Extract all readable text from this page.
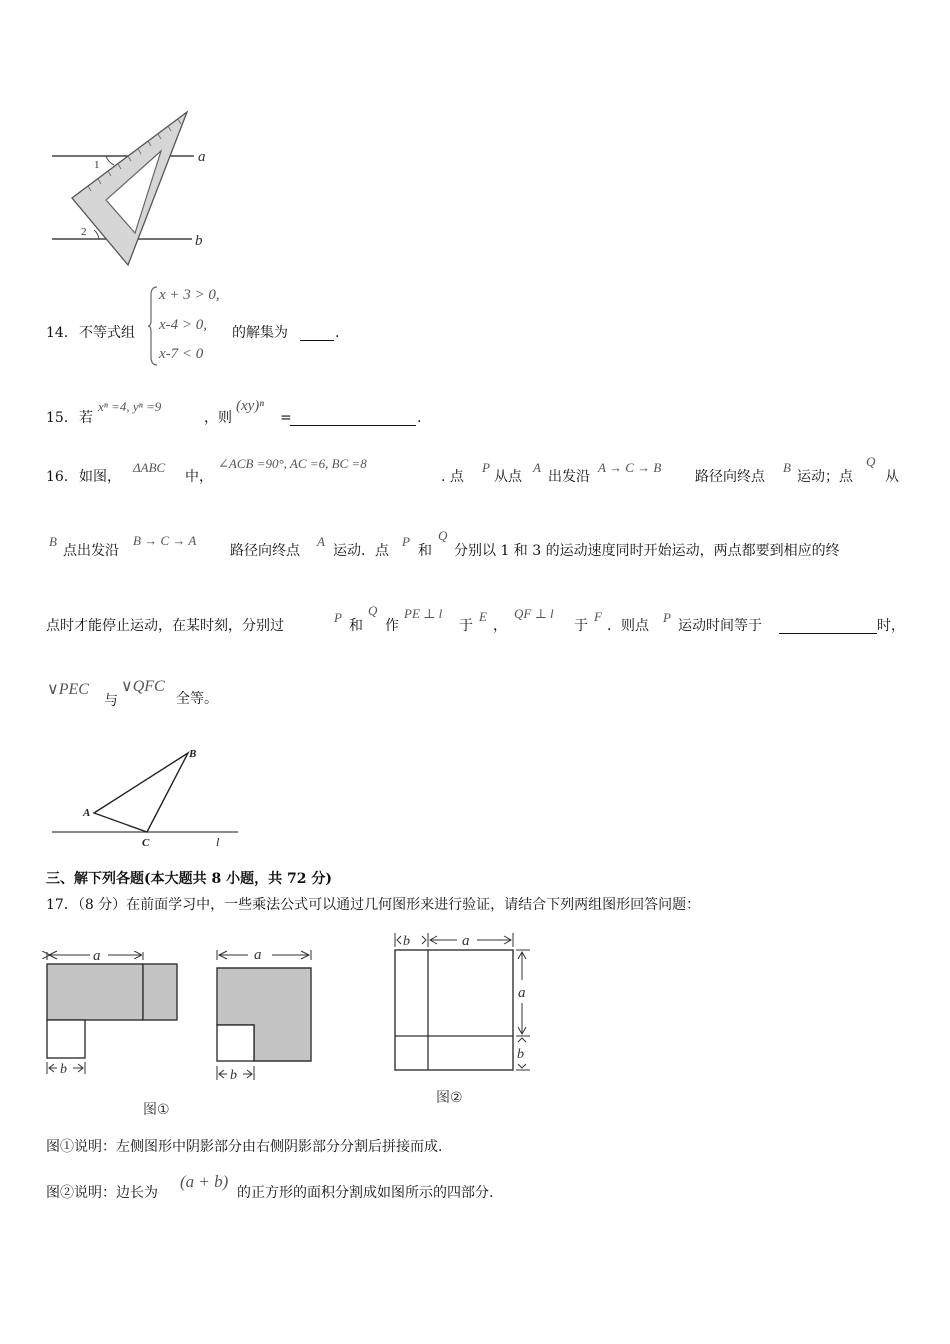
1
2
a
b
14． 不等式组
x + 3 > 0,
x-4 > 0,
x-7 < 0
的解集为	.
15． 若
xⁿ =4, yⁿ =9
，则
(xy)ⁿ
=	.
16． 如图，
ΔABC
中，
∠ACB =90°, AC =6, BC =8
. 点
P
从点
A
出发沿
A → C → B
路径向终点
B
运动；点
Q
从
B
点出发沿
B → C → A
路径向终点
A
运动．点
P
和
Q
分别以 1 和 3 的运动速度同时开始运动，两点都要到相应的终
点时才能停止运动，在某时刻，分别过
P
和
Q
作
PE ⊥ l
于
E
，
QF ⊥ l
于
F
．则点
P
运动时间等于	时，
∨PEC
与
∨QFC
全等。
A
B
C	l
三、解下列各题(本大题共 8 小题，共 72 分)
17．（8 分）在前面学习中，一些乘法公式可以通过几何图形来进行验证，请结合下列两组图形回答问题：
a
b
a
b
图①
b	a
a
b
图②
图①说明：左侧图形中阴影部分由右侧阴影部分分割后拼接而成.
图②说明：边长为
(a + b)
的正方形的面积分割成如图所示的四部分.
